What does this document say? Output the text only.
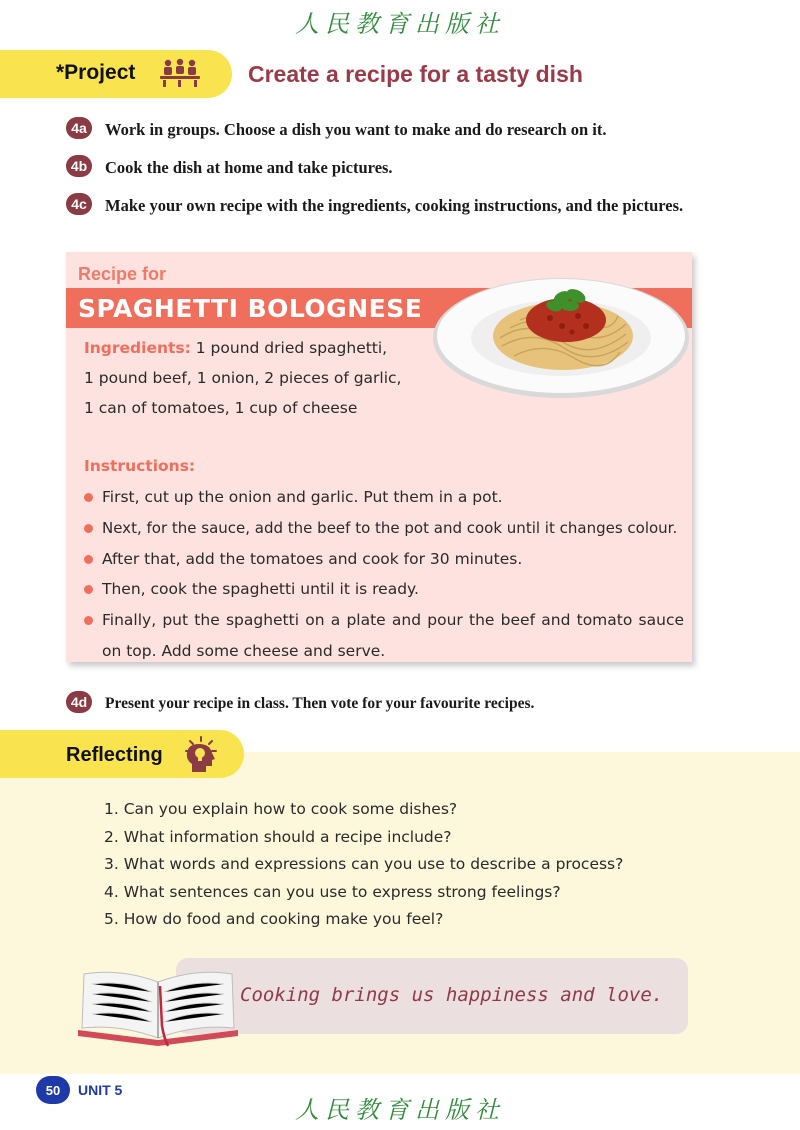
人民教育出版社
*Project	Create a recipe for a tasty dish
4a	Work in groups. Choose a dish you want to make and do research on it.
4b Cook the dish at home and take pictures.
4c	Make your own recipe with the ingredients, cooking instructions, and the pictures.
Recipe for
SPAGHETTI BOLOGNESE
Ingredients: 1 pound dried spaghetti,
1 pound beef, 1 onion, 2 pieces of garlic,
1 can of tomatoes, 1 cup of cheese
Instructions:
First, cut up the onion and garlic. Put them in a pot.
Next, for the sauce, add the beef to the pot and cook until it changes colour.
After that, add the tomatoes and cook for 30 minutes.
Then, cook the spaghetti until it is ready.
Finally, put the spaghetti on a plate and pour the beef and tomato sauce on top. Add some cheese and serve.
4d	Present your recipe in class. Then vote for your favourite recipes.
Reflecting
1. Can you explain how to cook some dishes?
2. What information should a recipe include?
3. What words and expressions can you use to describe a process?
4. What sentences can you use to express strong feelings?
5. How do food and cooking make you feel?
Cooking brings us happiness and love.
50	UNIT 5
人民教育出版社
